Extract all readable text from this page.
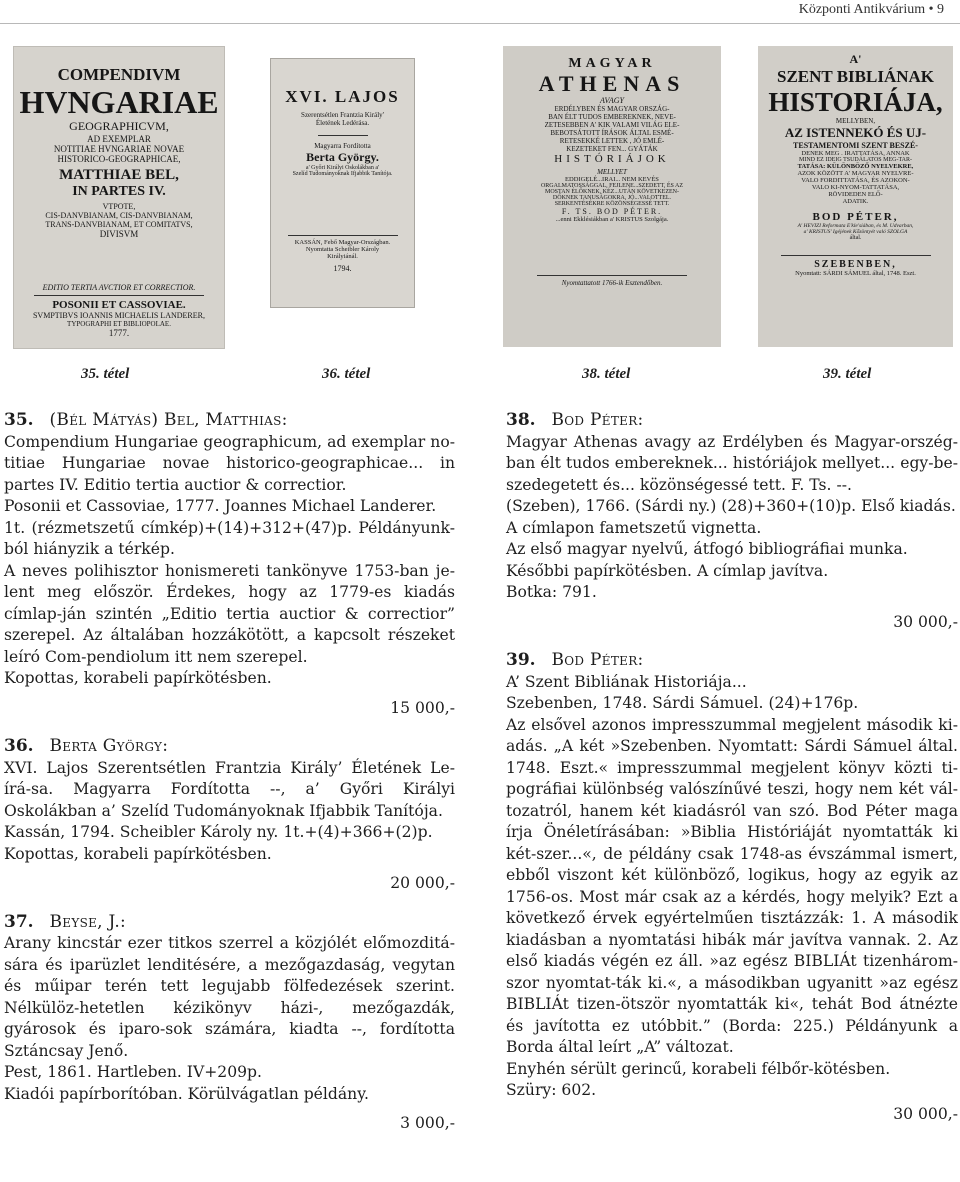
Központi Antikvárium • 9
COMPENDIVM
HVNGARIAE
GEOGRAPHICVM,
AD EXEMPLAR
NOTITIAE HVNGARIAE NOVAE
HISTORICO-GEOGRAPHICAE,
MATTHIAE BEL,
IN PARTES IV.
VTPOTE,
CIS-DANVBIANAM, CIS-DANVBIANAM,
TRANS-DANVBIANAM, ET COMITATVS,
DIVISVM
EDITIO TERTIA AVCTIOR ET CORRECTIOR.
POSONII ET CASSOVIAE.
SVMPTIBVS IOANNIS MICHAELIS LANDERER,
TYPOGRAPHI ET BIBLIOPOLAE.
1777.
XVI. LAJOS
Szerentsétlen Frantzia Király'
Életének Ledérása.
Magyarra Fordította
Berta György.
a' Győri Királyi Oskolákban a'
Szelíd Tudományoknak Ifjabbik Tanítója.
KASSÁN, Febő Magyar-Országban.
Nyomtatta Scheibler Károly
Királyiánál.
1794.
MAGYAR
ATHENAS
AVAGY
ERDÉLYBEN ÉS MAGYAR ORSZÁG-
BAN ÉLT TUDOS EMBEREKNEK, NEVE-
ZETESEBBEN A' KIK VALAMI VILÁG ELE-
BEBOTSÁTOTT ÍRÁSOK ÁLTAL ESMÉ-
RETESEKKÉ LETTEK , JÓ EMLÉ-
KEZETEKET FEN... GYÁTÁK
HISTÓRIÁJOK
MELLYET
EDDIGELÉ...IRAI... NEM KEVÉS
ORGALMATOSSÁGGAL, FEJLENE...SZEDETT, ÉS AZ
MOSTAN ÉLŐKNEK, KÉZ...UTÁN KÖVETKEZEN-
DŐKNEK TANUSÁGOKRA, JÓ...VALOTTEL.
SERKENTÉSÉKRE KÖZÖNSÉGESSÉ TETT.
F. TS. BOD PÉTER.
...enni Ekklésiákban a' KRISTUS Szolgája.
Nyomtattatott 1766-ik Esztendőben.
A'
SZENT BIBLIÁNAK
HISTORIÁJA,
MELLYBEN,
AZ ISTENNEKÓ ÉS UJ-
TESTAMENTOMI SZENT BESZÉ-
DENEK MEG . IRATTATÁSA, ANNAK
MIND EZ IDEIG TSUDÁLATOS MEG-TAR-
TATÁSA: KÜLÖNBÖZŐ NYELVEKRE,
AZOK KÖZÖTT A' MAGYAR NYELVRE-
VALO FORDITTATÁSA, ÉS AZOKON-
VALO KI-NYOM-TATTATÁSA,
RÖVIDEDEN ELŐ-
ADATIK.
BOD PÉTER,
A' HEVIZI Reformata E'kle'siában, és M. Udvarban,
a' KRISTUS' Igéjének Kőzöntyét való SZOLGA
által.
SZEBENBEN,
Nyomtatt: SÁRDI SÁMUEL által, 1748. Eszt.
35. tétel	36. tétel	38. tétel	39. tétel
35. (Bél Mátyás) Bel, Matthias:

Compendium Hungariae geographicum, ad exemplar no-titiae Hungariae novae historico-geographicae... in partes IV. Editio tertia auctior & correctior.

Posonii et Cassoviae, 1777. Joannes Michael Landerer.

1t. (rézmetszetű címkép)+(14)+312+(47)p. Példányunk-ból hiányzik a térkép.

A neves polihisztor honismereti tankönyve 1753-ban je-lent meg először. Érdekes, hogy az 1779-es kiadás címlap-ján szintén „Editio tertia auctior & correctior” szerepel. Az általában hozzákötött, a kapcsolt részeket leíró Com-pendiolum itt nem szerepel.

Kopottas, korabeli papírkötésben.

15 000,-
36. Berta György:

XVI. Lajos Szerentsétlen Frantzia Király’ Életének Le-írá-sa. Magyarra Fordította --, a’ Győri Királyi Oskolákban a’ Szelíd Tudományoknak Ifjabbik Tanítója.

Kassán, 1794. Scheibler Károly ny. 1t.+(4)+366+(2)p.

Kopottas, korabeli papírkötésben.

20 000,-
37. Beyse, J.:

Arany kincstár ezer titkos szerrel a közjólét előmozditá-sára és iparüzlet lenditésére, a mezőgazdaság, vegytan és műipar terén tett legujabb fölfedezések szerint. Nélkülöz-hetetlen kézikönyv házi-, mezőgazdák, gyárosok és iparo-sok számára, kiadta --, fordította Sztáncsay Jenő.

Pest, 1861. Hartleben. IV+209p.

Kiadói papírborítóban. Körülvágatlan példány.

3 000,-
38. Bod Péter:

Magyar Athenas avagy az Erdélyben és Magyar-orszég-ban élt tudos embereknek... históriájok mellyet... egy-be-szedegetett és... közönségessé tett. F. Ts. --.

(Szeben), 1766. (Sárdi ny.) (28)+360+(10)p. Első kiadás.

A címlapon fametszetű vignetta.

Az első magyar nyelvű, átfogó bibliográfiai munka.

Későbbi papírkötésben. A címlap javítva.

Botka: 791.

30 000,-
39. Bod Péter:

A’ Szent Bibliának Historiája...

Szebenben, 1748. Sárdi Sámuel. (24)+176p.

Az elsővel azonos impresszummal megjelent második ki-adás. „A két »Szebenben. Nyomtatt: Sárdi Sámuel által. 1748. Eszt.« impresszummal megjelent könyv közti ti-pográfiai különbség valószínűvé teszi, hogy nem két vál-tozatról, hanem két kiadásról van szó. Bod Péter maga írja Önéletírásában: »Biblia Históriáját nyomtatták ki két-szer...«, de példány csak 1748-as évszámmal ismert, ebből viszont két különböző, logikus, hogy az egyik az 1756-os. Most már csak az a kérdés, hogy melyik? Ezt a következő érvek egyértelműen tisztázzák: 1. A második kiadásban a nyomtatási hibák már javítva vannak. 2. Az első kiadás végén ez áll. »az egész BIBLIÁt tizenhárom-szor nyomtat-ták ki.«, a másodikban ugyanitt »az egész BIBLIÁt tizen-ötször nyomtatták ki«, tehát Bod átnézte és javította ez utóbbit.” (Borda: 225.) Példányunk a Borda által leírt „A” változat.

Enyhén sérült gerincű, korabeli félbőr-kötésben.

Szüry: 602.

30 000,-
